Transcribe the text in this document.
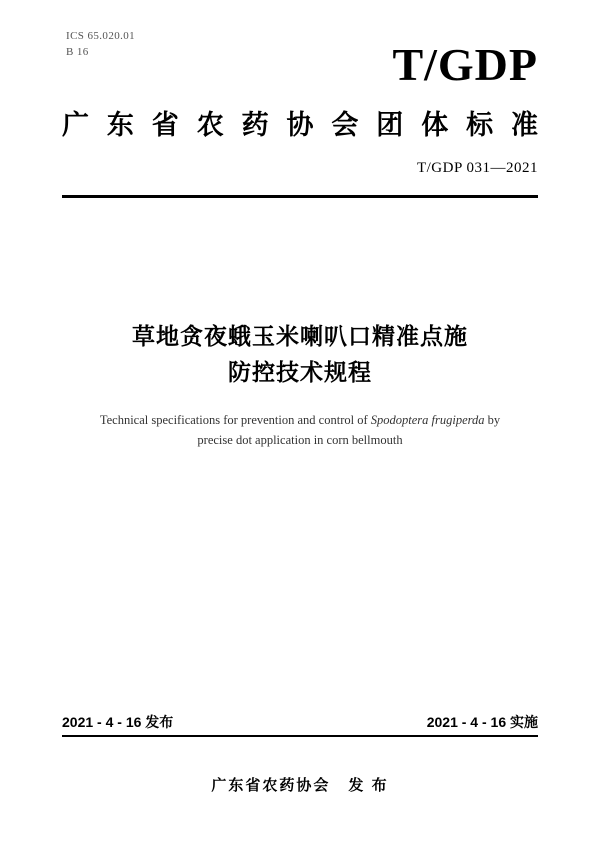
ICS 65.020.01
B 16	T/GDP
广东省农药协会团体标准
T/GDP 031—2021
草地贪夜蛾玉米喇叭口精准点施
防控技术规程
Technical specifications for prevention and control of Spodoptera frugiperda by
precise dot application in corn bellmouth
2021 - 4 - 16 发布	2021 - 4 - 16 实施
广东省农药协会 发 布
